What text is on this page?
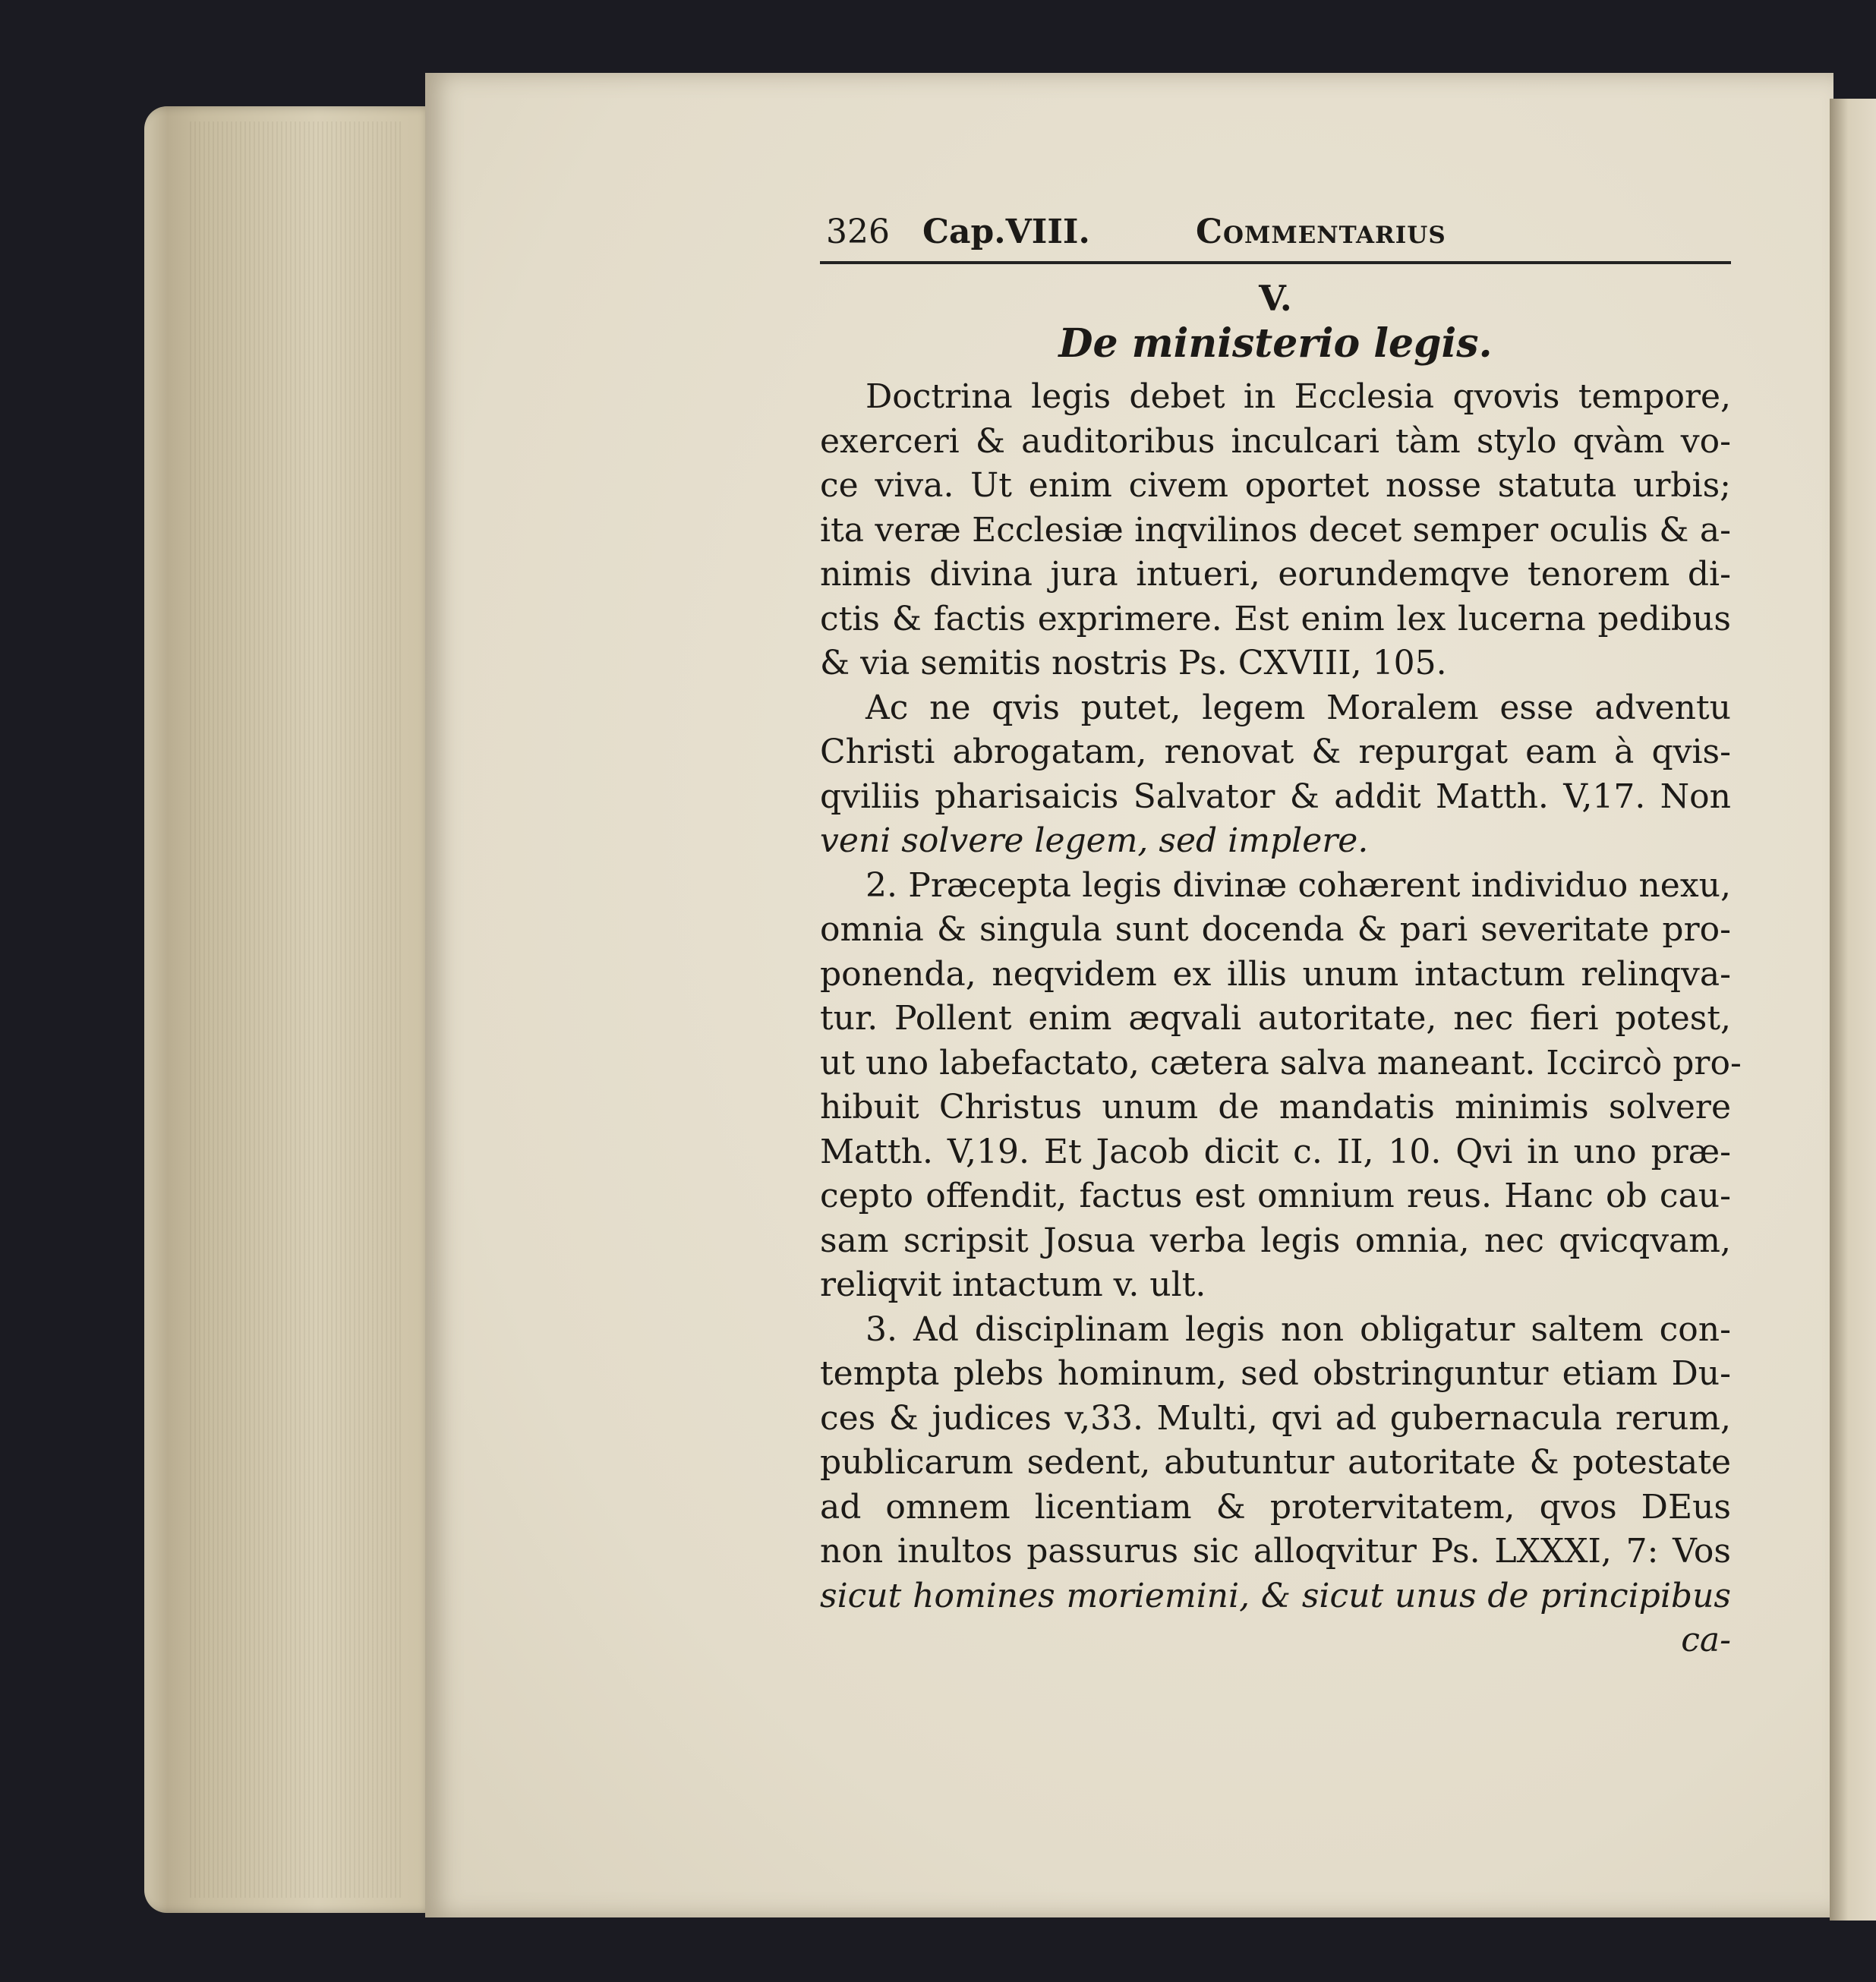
326 Cap.VIII.	Commentarius
V.
De ministerio legis.
Doctrina legis debet in Ecclesia qvovis tempore,
exerceri & auditoribus inculcari tàm stylo qvàm vo-
ce viva. Ut enim civem oportet nosse statuta urbis;
ita veræ Ecclesiæ inqvilinos decet semper oculis & a-
nimis divina jura intueri, eorundemqve tenorem di-
ctis & factis exprimere. Est enim lex lucerna pedibus
& via semitis nostris Ps. CXVIII, 105.
Ac ne qvis putet, legem Moralem esse adventu
Christi abrogatam, renovat & repurgat eam à qvis-
qviliis pharisaicis Salvator & addit Matth. V,17. Non
veni solvere legem, sed implere.
2. Præcepta legis divinæ cohærent individuo nexu,
omnia & singula sunt docenda & pari severitate pro-
ponenda, neqvidem ex illis unum intactum relinqva-
tur. Pollent enim æqvali autoritate, nec fieri potest,
ut uno labefactato, cætera salva maneant. Iccircò pro-
hibuit Christus unum de mandatis minimis solvere
Matth. V,19. Et Jacob dicit c. II, 10. Qvi in uno præ-
cepto offendit, factus est omnium reus. Hanc ob cau-
sam scripsit Josua verba legis omnia, nec qvicqvam,
reliqvit intactum v. ult.
3. Ad disciplinam legis non obligatur saltem con-
tempta plebs hominum, sed obstringuntur etiam Du-
ces & judices v,33. Multi, qvi ad gubernacula rerum,
publicarum sedent, abutuntur autoritate & potestate
ad omnem licentiam & protervitatem, qvos DEus
non inultos passurus sic alloqvitur Ps. LXXXI, 7: Vos
sicut homines moriemini, & sicut unus de principibus
ca-
